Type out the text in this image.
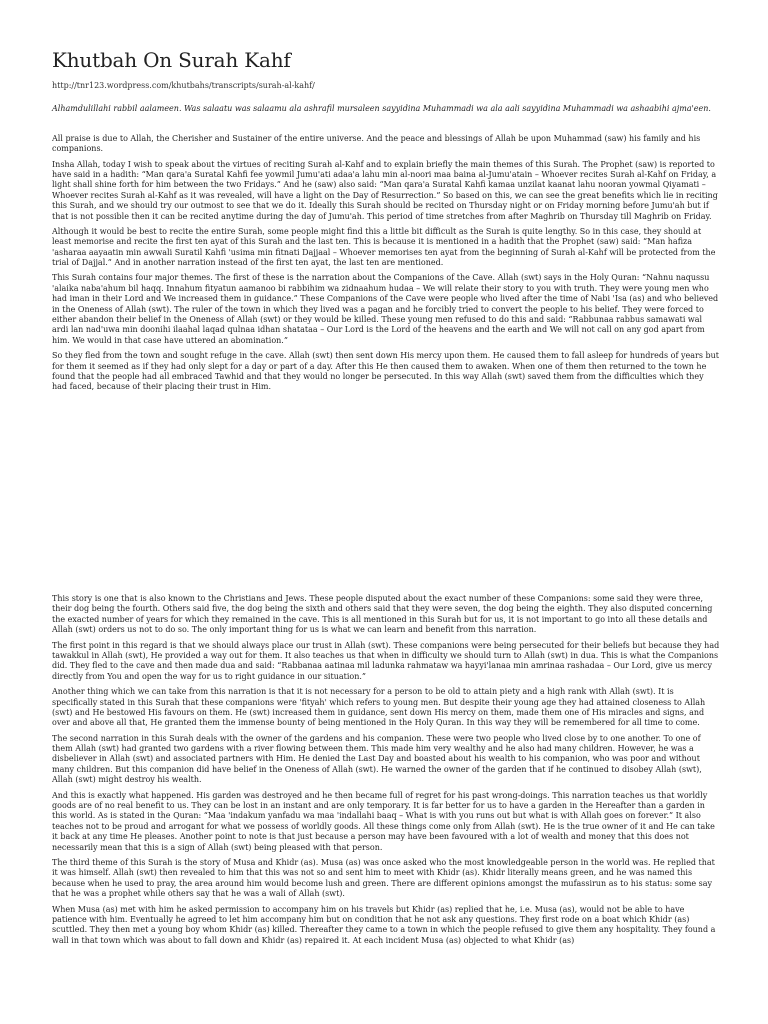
Khutbah On Surah Kahf

http://tnr123.wordpress.com/khutbahs/transcripts/surah-al-kahf/

Alhamdulillahi rabbil aalameen. Was salaatu was salaamu ala ashrafil mursaleen sayyidina Muhammadi wa ala aali sayyidina Muhammadi wa ashaabihi ajma'een.

All praise is due to Allah, the Cherisher and Sustainer of the entire universe. And the peace and blessings of Allah be upon Muhammad (saw) his family and his companions.

Insha Allah, today I wish to speak about the virtues of reciting Surah al-Kahf and to explain briefly the main themes of this Surah. The Prophet (saw) is reported to have said in a hadith: “Man qara'a Suratal Kahfi fee yowmil Jumu'ati adaa'a lahu min al-noori maa baina al-Jumu'atain – Whoever recites Surah al-Kahf on Friday, a light shall shine forth for him between the two Fridays.” And he (saw) also said: “Man qara'a Suratal Kahfi kamaa unzilat kaanat lahu nooran yowmal Qiyamati – Whoever recites Surah al-Kahf as it was revealed, will have a light on the Day of Resurrection.” So based on this, we can see the great benefits which lie in reciting this Surah, and we should try our outmost to see that we do it. Ideally this Surah should be recited on Thursday night or on Friday morning before Jumu'ah but if that is not possible then it can be recited anytime during the day of Jumu'ah. This period of time stretches from after Maghrib on Thursday till Maghrib on Friday.

Although it would be best to recite the entire Surah, some people might find this a little bit difficult as the Surah is quite lengthy. So in this case, they should at least memorise and recite the first ten ayat of this Surah and the last ten. This is because it is mentioned in a hadith that the Prophet (saw) said: “Man hafiza 'asharaa aayaatin min awwali Suratil Kahfi 'usima min fitnati Dajjaal – Whoever memorises ten ayat from the beginning of Surah al-Kahf will be protected from the trial of Dajjal.” And in another narration instead of the first ten ayat, the last ten are mentioned.

This Surah contains four major themes. The first of these is the narration about the Companions of the Cave. Allah (swt) says in the Holy Quran: “Nahnu naqussu 'alaika naba'ahum bil haqq. Innahum fityatun aamanoo bi rabbihim wa zidnaahum hudaa – We will relate their story to you with truth. They were young men who had iman in their Lord and We increased them in guidance.” These Companions of the Cave were people who lived after the time of Nabi 'Isa (as) and who believed in the Oneness of Allah (swt). The ruler of the town in which they lived was a pagan and he forcibly tried to convert the people to his belief. They were forced to either abandon their belief in the Oneness of Allah (swt) or they would be killed. These young men refused to do this and said: “Rabbunaa rabbus samawati wal ardi lan nad'uwa min doonihi ilaahal laqad qulnaa idhan shatataa – Our Lord is the Lord of the heavens and the earth and We will not call on any god apart from him. We would in that case have uttered an abomination.”

So they fled from the town and sought refuge in the cave. Allah (swt) then sent down His mercy upon them. He caused them to fall asleep for hundreds of years but for them it seemed as if they had only slept for a day or part of a day. After this He then caused them to awaken. When one of them then returned to the town he found that the people had all embraced Tawhid and that they would no longer be persecuted. In this way Allah (swt) saved them from the difficulties which they had faced, because of their placing their trust in Him.

This story is one that is also known to the Christians and Jews. These people disputed about the exact number of these Companions: some said they were three, their dog being the fourth. Others said five, the dog being the sixth and others said that they were seven, the dog being the eighth. They also disputed concerning the exacted number of years for which they remained in the cave. This is all mentioned in this Surah but for us, it is not important to go into all these details and Allah (swt) orders us not to do so. The only important thing for us is what we can learn and benefit from this narration.

The first point in this regard is that we should always place our trust in Allah (swt). These companions were being persecuted for their beliefs but because they had tawakkul in Allah (swt), He provided a way out for them. It also teaches us that when in difficulty we should turn to Allah (swt) in dua. This is what the Companions did. They fled to the cave and then made dua and said: “Rabbanaa aatinaa mil ladunka rahmataw wa hayyi'lanaa min amrinaa rashadaa – Our Lord, give us mercy directly from You and open the way for us to right guidance in our situation.”

Another thing which we can take from this narration is that it is not necessary for a person to be old to attain piety and a high rank with Allah (swt). It is specifically stated in this Surah that these companions were 'fityah' which refers to young men. But despite their young age they had attained closeness to Allah (swt) and He bestowed His favours on them. He (swt) increased them in guidance, sent down His mercy on them, made them one of His miracles and signs, and over and above all that, He granted them the immense bounty of being mentioned in the Holy Quran. In this way they will be remembered for all time to come.

The second narration in this Surah deals with the owner of the gardens and his companion. These were two people who lived close by to one another. To one of them Allah (swt) had granted two gardens with a river flowing between them. This made him very wealthy and he also had many children. However, he was a disbeliever in Allah (swt) and associated partners with Him. He denied the Last Day and boasted about his wealth to his companion, who was poor and without many children. But this companion did have belief in the Oneness of Allah (swt). He warned the owner of the garden that if he continued to disobey Allah (swt), Allah (swt) might destroy his wealth.

And this is exactly what happened. His garden was destroyed and he then became full of regret for his past wrong-doings. This narration teaches us that worldly goods are of no real benefit to us. They can be lost in an instant and are only temporary. It is far better for us to have a garden in the Hereafter than a garden in this world. As is stated in the Quran: “Maa 'indakum yanfadu wa maa 'indallahi baaq – What is with you runs out but what is with Allah goes on forever.” It also teaches not to be proud and arrogant for what we possess of worldly goods. All these things come only from Allah (swt). He is the true owner of it and He can take it back at any time He pleases. Another point to note is that just because a person may have been favoured with a lot of wealth and money that this does not necessarily mean that this is a sign of Allah (swt) being pleased with that person.

The third theme of this Surah is the story of Musa and Khidr (as). Musa (as) was once asked who the most knowledgeable person in the world was. He replied that it was himself. Allah (swt) then revealed to him that this was not so and sent him to meet with Khidr (as). Khidr literally means green, and he was named this because when he used to pray, the area around him would become lush and green. There are different opinions amongst the mufassirun as to his status: some say that he was a prophet while others say that he was a wali of Allah (swt).

When Musa (as) met with him he asked permission to accompany him on his travels but Khidr (as) replied that he, i.e. Musa (as), would not be able to have patience with him. Eventually he agreed to let him accompany him but on condition that he not ask any questions. They first rode on a boat which Khidr (as) scuttled. They then met a young boy whom Khidr (as) killed. Thereafter they came to a town in which the people refused to give them any hospitality. They found a wall in that town which was about to fall down and Khidr (as) repaired it. At each incident Musa (as) objected to what Khidr (as)
